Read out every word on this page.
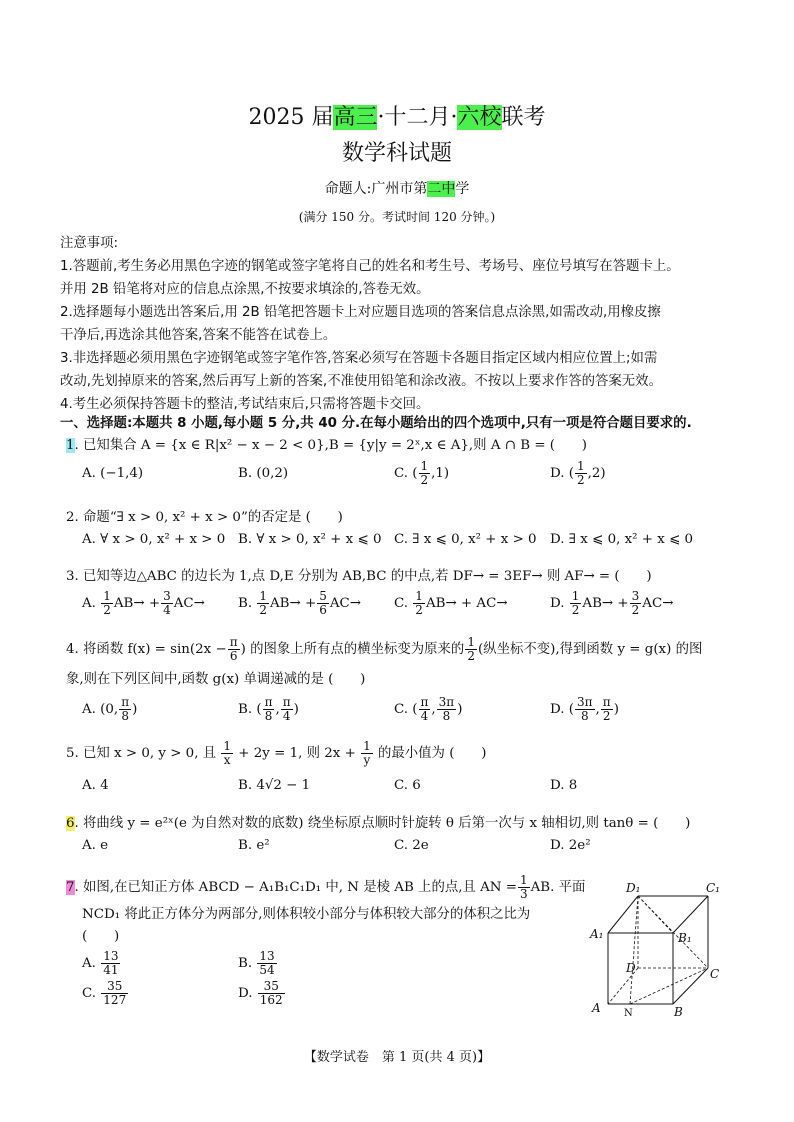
2025 届高三·十二月·六校联考
数学科试题
命题人:广州市第二中学
(满分 150 分。考试时间 120 分钟。)
注意事项:
1.答题前,考生务必用黑色字迹的钢笔或签字笔将自己的姓名和考生号、考场号、座位号填写在答题卡上。
并用 2B 铅笔将对应的信息点涂黑,不按要求填涂的,答卷无效。
2.选择题每小题选出答案后,用 2B 铅笔把答题卡上对应题目选项的答案信息点涂黑,如需改动,用橡皮擦
干净后,再选涂其他答案,答案不能答在试卷上。
3.非选择题必须用黑色字迹钢笔或签字笔作答,答案必须写在答题卡各题目指定区域内相应位置上;如需
改动,先划掉原来的答案,然后再写上新的答案,不准使用铅笔和涂改液。不按以上要求作答的答案无效。
4.考生必须保持答题卡的整洁,考试结束后,只需将答题卡交回。
一、选择题:本题共 8 小题,每小题 5 分,共 40 分.在每小题给出的四个选项中,只有一项是符合题目要求的.
1. 已知集合 A = {x ∈ R|x² − x − 2 < 0},B = {y|y = 2ˣ,x ∈ A},则 A ∩ B = (　　)
A. (−1,4)	B. (0,2)	C. ( $\frac{1}{2} ,1$)	D. ( $\frac{1}{2} ,2$)
2. 命题“∃ x > 0, x² + x > 0”的否定是 (　　)
A. ∀ x > 0, x² + x > 0 B. ∀ x > 0, x² + x ⩽ 0 C. ∃ x ⩽ 0, x² + x > 0 D. ∃ x ⩽ 0, x² + x ⩽ 0
3. 已知等边△ABC 的边长为 1,点 D,E 分别为 AB,BC 的中点,若 DF→ = 3EF→ 则 AF→ = (　　)
A. $\frac{1}{2} AB\to + \frac{3}{4} AC\to B$. $\frac{1}{2} AB\to + \frac{5}{6} AC\to C$. $\frac{1}{2} AB\to + AC\to$	D. $\frac{1}{2} AB\to + \frac{3}{2} AC\to$
4. 将函数 $f(x) = \sin(2x - \frac{\pi}{6}$ ) 的图象上所有点的横坐标变为原来的 $\frac{1}{2}$ (纵坐标不变),得到函数 y = g(x) 的图
象,则在下列区间中,函数 g(x) 单调递减的是 (　　)
A. (0, $\frac{\pi}{8}$ )	B. ( $\frac{\pi}{8}$ , $\frac{\pi}{4}$ )	C. ( $\frac{\pi}{4}$ , $\frac{3\pi}{8}$ )	D. ( $\frac{3\pi}{8}$ , $\frac{\pi}{2}$ )
5. 已知 x > 0, y > 0, 且 $\frac{1}{x} + 2y = 1$, 则 $2x + \frac{1}{y}$ 的最小值为 (　　)
A. 4	B. 4√2 − 1	C. 6	D. 8
6. 将曲线 y = e²ˣ(e 为自然对数的底数) 绕坐标原点顺时针旋转 θ 后第一次与 x 轴相切,则 tanθ = (　　)
A. e	B. e²	C. 2e	D. 2e²
7. 如图,在已知正方体 ABCD − A₁B₁C₁D₁ 中, N 是棱 AB 上的点,且 AN = $\frac{1}{3}$ AB. 平面
NCD₁ 将此正方体分为两部分,则体积较小部分与体积较大部分的体积之比为
(　　)
A. $\frac{13}{41}$	B. $\frac{13}{54}$
C. $\frac{35}{127}$	D. $\frac{35}{162}$
D₁	C₁
A₁	B₁
D	C
A	B
N
【数学试卷　第 1 页(共 4 页)】
